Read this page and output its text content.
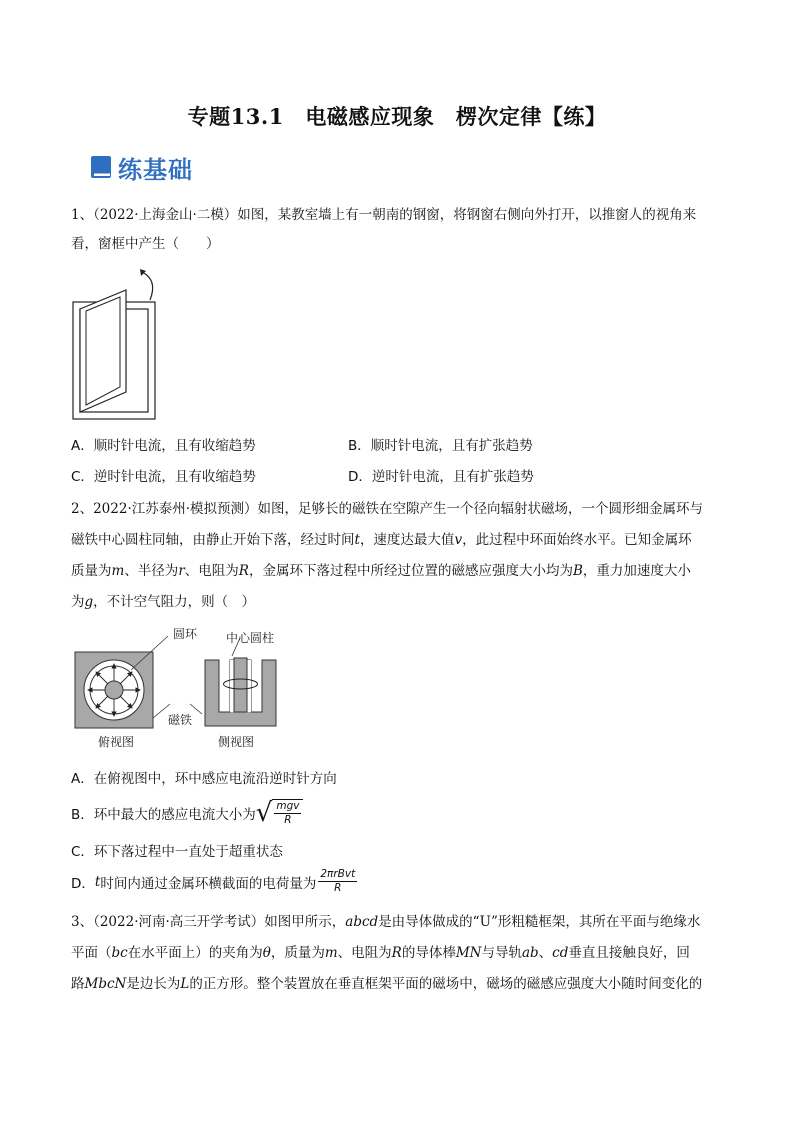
专题13.1　电磁感应现象　楞次定律【练】
练基础
1、（2022·上海金山·二模）如图，某教室墙上有一朝南的钢窗，将钢窗右侧向外打开，以推窗人的视角来
看，窗框中产生（　　）
A．顺时针电流，且有收缩趋势	B．顺时针电流，且有扩张趋势
C．逆时针电流，且有收缩趋势	D．逆时针电流，且有扩张趋势
2、2022·江苏泰州·模拟预测）如图，足够长的磁铁在空隙产生一个径向辐射状磁场，一个圆形细金属环与
磁铁中心圆柱同轴，由静止开始下落，经过时间t，速度达最大值v，此过程中环面始终水平。已知金属环
质量为m、半径为r、电阻为R，金属环下落过程中所经过位置的磁感应强度大小均为B，重力加速度大小
为g，不计空气阻力，则（　）
圆环 中心圆柱
磁铁
俯视图	侧视图
A．在俯视图中，环中感应电流沿逆时针方向
B．环中最大的感应电流大小为 √ $\frac{\text{mgv}}{R}$
C．环下落过程中一直处于超重状态
D． t 时间内通过金属环横截面的电荷量为 $\frac{\text{2πrBvt}}{R}$
3、（2022·河南·高三开学考试）如图甲所示，abcd是由导体做成的“U”形粗糙框架，其所在平面与绝缘水
平面（bc在水平面上）的夹角为θ，质量为m、电阻为R的导体棒MN与导轨ab、cd垂直且接触良好，回
路MbcN是边长为L的正方形。整个装置放在垂直框架平面的磁场中，磁场的磁感应强度大小随时间变化的
